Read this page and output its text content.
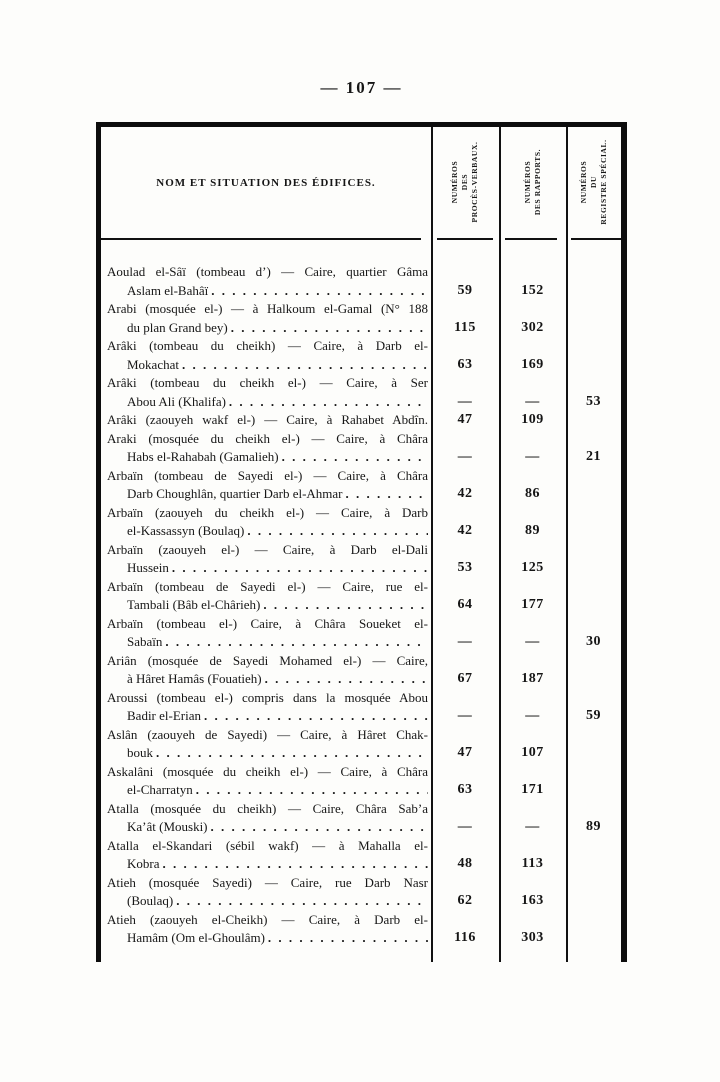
— 107 —
NOM ET SITUATION DES ÉDIFICES.	NUMÉROS DES PROCÈS-VERBAUX.	NUMÉROS DES RAPPORTS.	NUMÉROS DU REGISTRE SPÉCIAL.
Aoulad el-Sâï (tombeau d’) — Caire, quartier Gâma
Aslam el-Bahâï . . .	59	152
Arabi (mosquée el-) — à Halkoum el-Gamal (N° 188
du plan Grand bey) . . .	115	302
Arâki (tombeau du cheikh) — Caire, à Darb el-
Mokachat . . .	63	169
Arâki (tombeau du cheikh el-) — Caire, à Ser
Abou Ali (Khalifa) . . .	—	—	53
Arâki (zaouyeh wakf el-) — Caire, à Rahabet Abdîn.	47	109
Araki (mosquée du cheikh el-) — Caire, à Châra
Habs el-Rahabah (Gamalieh) . . .	—	—	21
Arbaïn (tombeau de Sayedi el-) — Caire, à Châra
Darb Choughlân, quartier Darb el-Ahmar . . .	42	86
Arbaïn (zaouyeh du cheikh el-) — Caire, à Darb
el-Kassassyn (Boulaq) . . .	42	89
Arbaïn (zaouyeh el-) — Caire, à Darb el-Dali
Hussein . . .	53	125
Arbaïn (tombeau de Sayedi el-) — Caire, rue el-
Tambali (Bâb el-Chârieh) . . .	64	177
Arbaïn (tombeau el-) Caire, à Châra Soueket el-
Sabaïn . . .	—	—	30
Ariân (mosquée de Sayedi Mohamed el-) — Caire,
à Hâret Hamâs (Fouatieh) . . .	67	187
Aroussi (tombeau el-) compris dans la mosquée Abou
Badir el-Erian . . .	—	—	59
Aslân (zaouyeh de Sayedi) — Caire, à Hâret Chak-
bouk . . .	47	107
Askalâni (mosquée du cheikh el-) — Caire, à Châra
el-Charratyn . . .	63	171
Atalla (mosquée du cheikh) — Caire, Châra Sab’a
Ka’ât (Mouski) . . .	—	—	89
Atalla el-Skandari (sébil wakf) — à Mahalla el-
Kobra . . .	48	113
Atieh (mosquée Sayedi) — Caire, rue Darb Nasr
(Boulaq) . . .	62	163
Atieh (zaouyeh el-Cheikh) — Caire, à Darb el-
Hamâm (Om el-Ghoulâm) . . .	116	303
